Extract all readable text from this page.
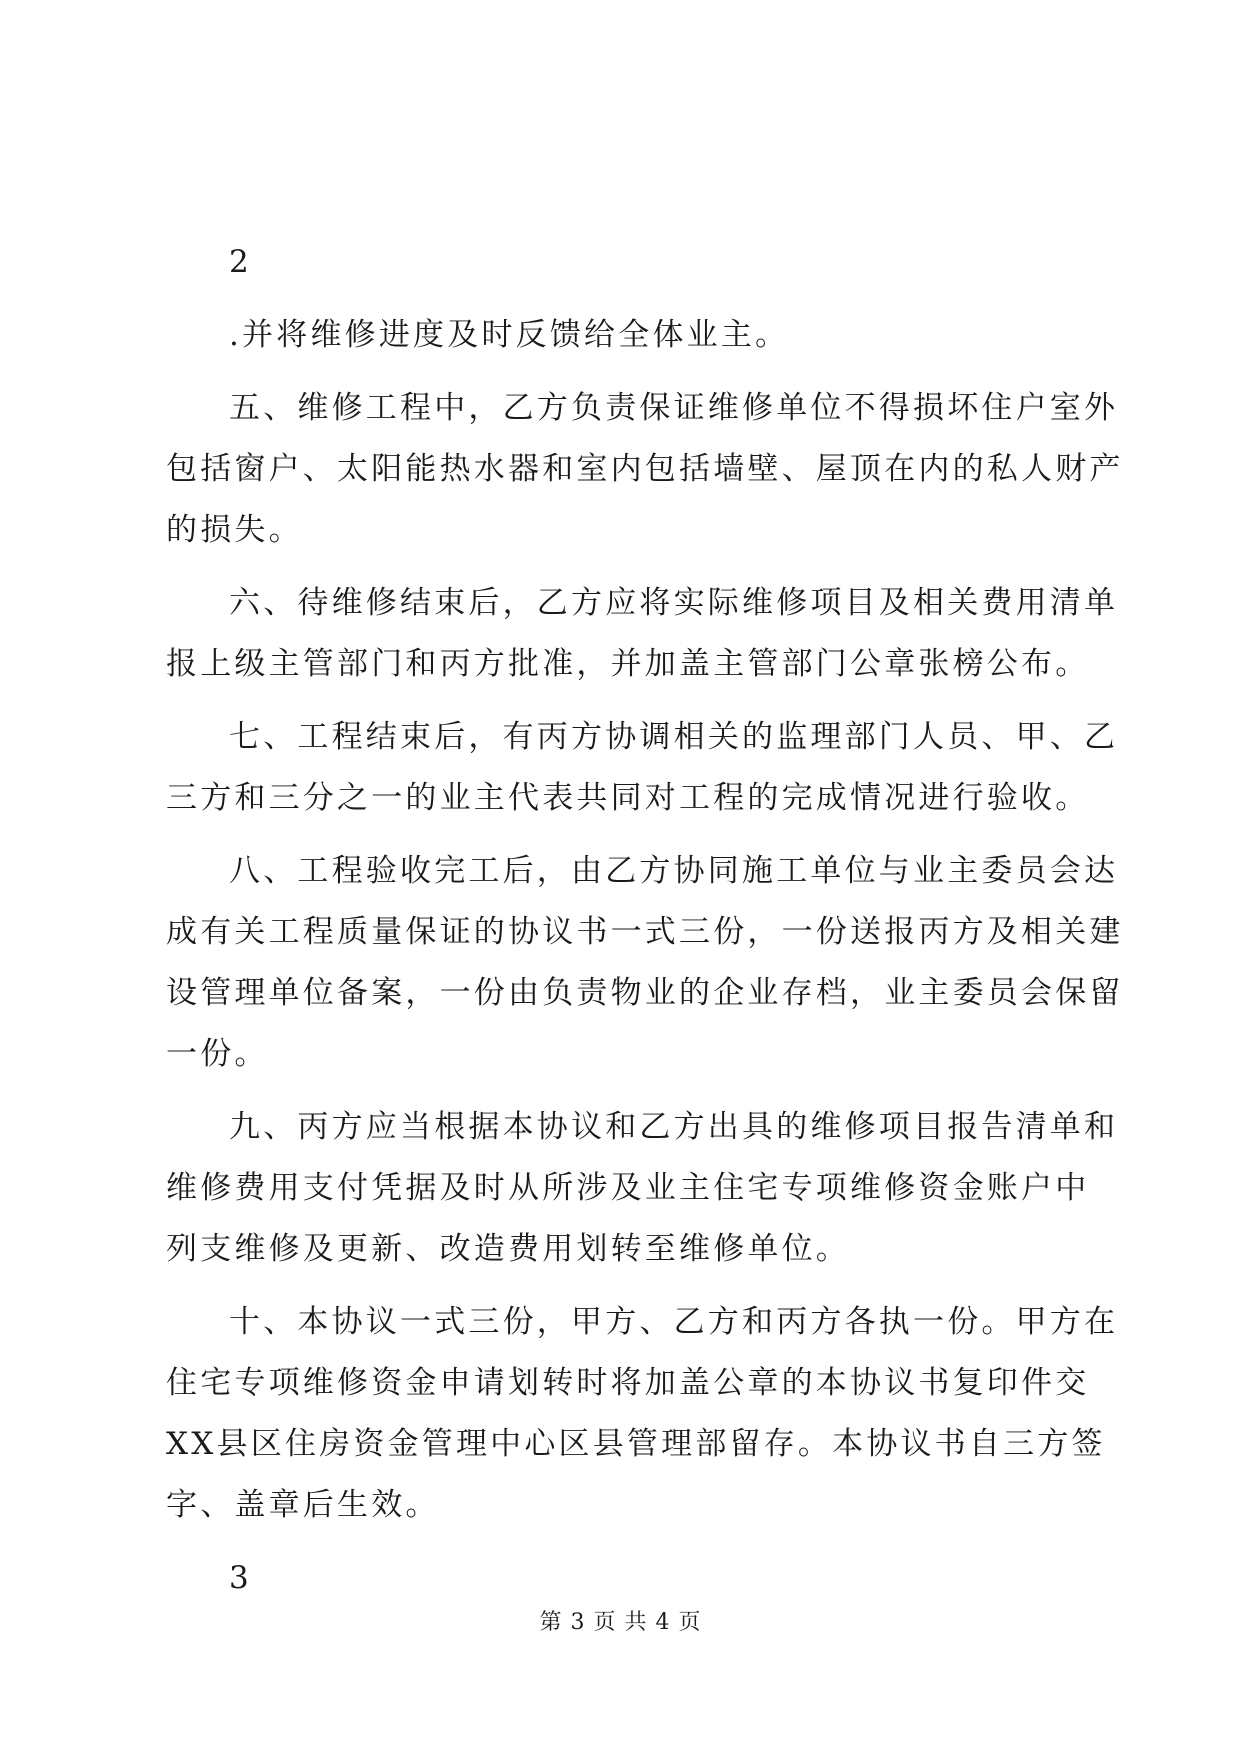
2
.并将维修进度及时反馈给全体业主。
五、维修工程中，乙方负责保证维修单位不得损坏住户室外
包括窗户、太阳能热水器和室内包括墙壁、屋顶在内的私人财产
的损失。
六、待维修结束后，乙方应将实际维修项目及相关费用清单
报上级主管部门和丙方批准，并加盖主管部门公章张榜公布。
七、工程结束后，有丙方协调相关的监理部门人员、甲、乙
三方和三分之一的业主代表共同对工程的完成情况进行验收。
八、工程验收完工后，由乙方协同施工单位与业主委员会达
成有关工程质量保证的协议书一式三份，一份送报丙方及相关建
设管理单位备案，一份由负责物业的企业存档，业主委员会保留
一份。
九、丙方应当根据本协议和乙方出具的维修项目报告清单和
维修费用支付凭据及时从所涉及业主住宅专项维修资金账户中
列支维修及更新、改造费用划转至维修单位。
十、本协议一式三份，甲方、乙方和丙方各执一份。甲方在
住宅专项维修资金申请划转时将加盖公章的本协议书复印件交
XX县区住房资金管理中心区县管理部留存。本协议书自三方签
字、盖章后生效。
3
第 3 页 共 4 页
